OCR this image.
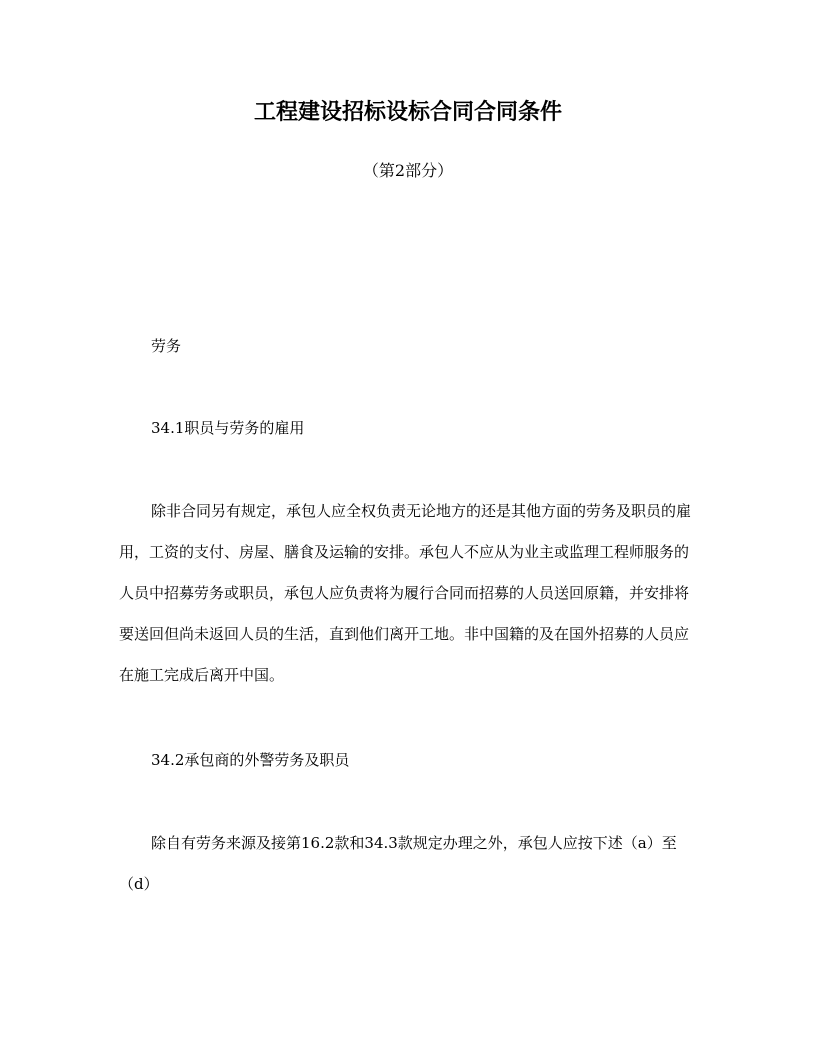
工程建设招标设标合同合同条件

（第2部分）

劳务

34.1职员与劳务的雇用

除非合同另有规定，承包人应全权负责无论地方的还是其他方面的劳务及职员的雇用，工资的支付、房屋、膳食及运输的安排。承包人不应从为业主或监理工程师服务的人员中招募劳务或职员，承包人应负责将为履行合同而招募的人员送回原籍，并安排将要送回但尚未返回人员的生活，直到他们离开工地。非中国籍的及在国外招募的人员应在施工完成后离开中国。

34.2承包商的外警劳务及职员

除自有劳务来源及接第16.2款和34.3款规定办理之外，承包人应按下述（a）至（d）
